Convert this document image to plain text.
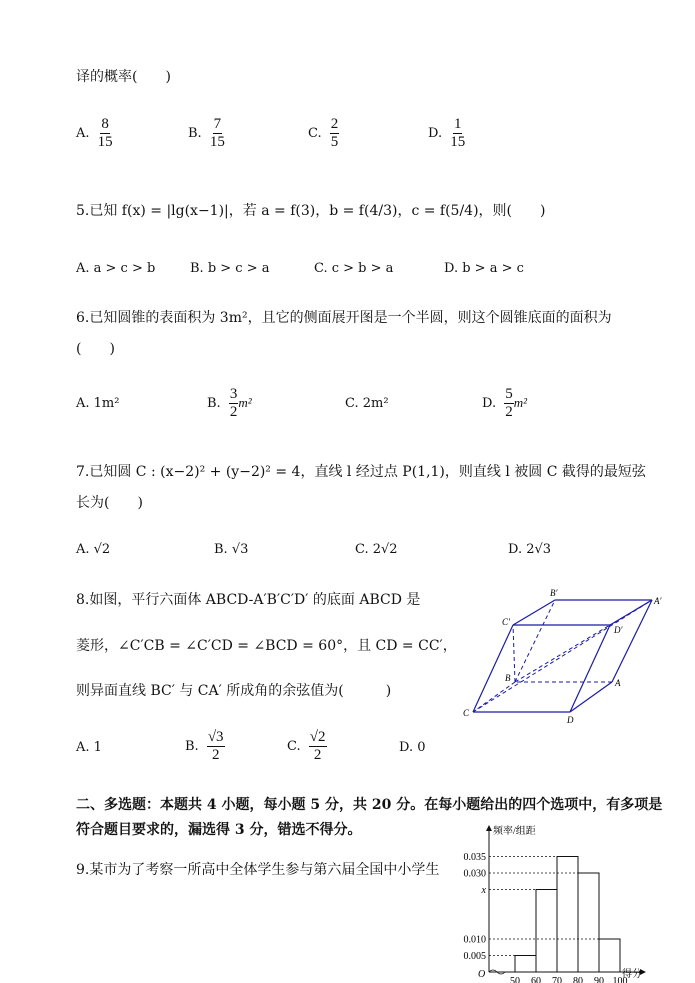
译的概率(　　)
A. $\frac{8}{15}$	B. $\frac{7}{15}$	C. $\frac{2}{5}$	D. $\frac{1}{15}$
5.已知 f(x) = |lg(x−1)|，若 a = f(3)，b = f(4/3)，c = f(5/4)，则(　　)
A. a > c > b	B. b > c > a	C. c > b > a	D. b > a > c
6.已知圆锥的表面积为 3m²，且它的侧面展开图是一个半圆，则这个圆锥底面的面积为
(　　)
A. 1m²	B. $\frac{3}{2} m^2$	C. 2m²	D. $\frac{5}{2} m^2$
7.已知圆 C : (x−2)² + (y−2)² = 4，直线 l 经过点 P(1,1)，则直线 l 被圆 C 截得的最短弦
长为(　　)
A. √2	B. √3	C. 2√2	D. 2√3
8.如图，平行六面体 ABCD-A′B′C′D′ 的底面 ABCD 是
菱形，∠C′CB = ∠C′CD = ∠BCD = 60°，且 CD = CC′，
则异面直线 BC′ 与 CA′ 所成角的余弦值为(　　　)
A. 1	B. $\frac{√3}{2}$	C. $\frac{√2}{2}$	D. 0
C
D
A
B
C′
D′
A′
B′
二、多选题：本题共 4 小题，每小题 5 分，共 20 分。在每小题给出的四个选项中，有多项是
符合题目要求的，漏选得 3 分，错选不得分。
9.某市为了考察一所高中全体学生参与第六届全国中小学生
频率/组距
得分
O
0.035
0.030
x
0.010
0.005
50 60 70 80 90 100
